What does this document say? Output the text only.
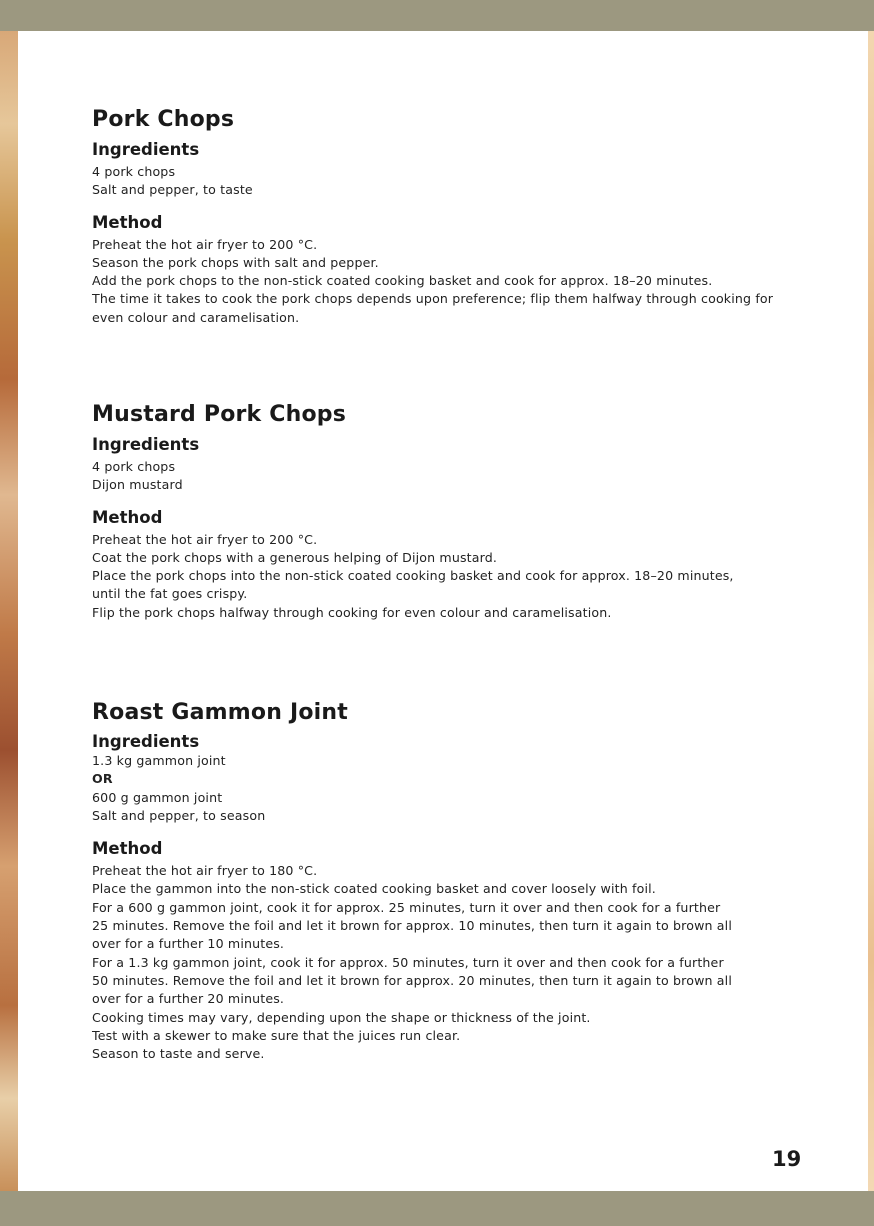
Pork Chops
Ingredients
4 pork chops
Salt and pepper, to taste
Method
Preheat the hot air fryer to 200 °C.
Season the pork chops with salt and pepper.
Add the pork chops to the non-stick coated cooking basket and cook for approx. 18–20 minutes.
The time it takes to cook the pork chops depends upon preference; flip them halfway through cooking for
even colour and caramelisation.
Mustard Pork Chops
Ingredients
4 pork chops
Dijon mustard
Method
Preheat the hot air fryer to 200 °C.
Coat the pork chops with a generous helping of Dijon mustard.
Place the pork chops into the non-stick coated cooking basket and cook for approx. 18–20 minutes,
until the fat goes crispy.
Flip the pork chops halfway through cooking for even colour and caramelisation.
Roast Gammon Joint
Ingredients
1.3 kg gammon joint
OR
600 g gammon joint
Salt and pepper, to season
Method
Preheat the hot air fryer to 180 °C.
Place the gammon into the non-stick coated cooking basket and cover loosely with foil.
For a 600 g gammon joint, cook it for approx. 25 minutes, turn it over and then cook for a further
25 minutes. Remove the foil and let it brown for approx. 10 minutes, then turn it again to brown all
over for a further 10 minutes.
For a 1.3 kg gammon joint, cook it for approx. 50 minutes, turn it over and then cook for a further
50 minutes. Remove the foil and let it brown for approx. 20 minutes, then turn it again to brown all
over for a further 20 minutes.
Cooking times may vary, depending upon the shape or thickness of the joint.
Test with a skewer to make sure that the juices run clear.
Season to taste and serve.
19
